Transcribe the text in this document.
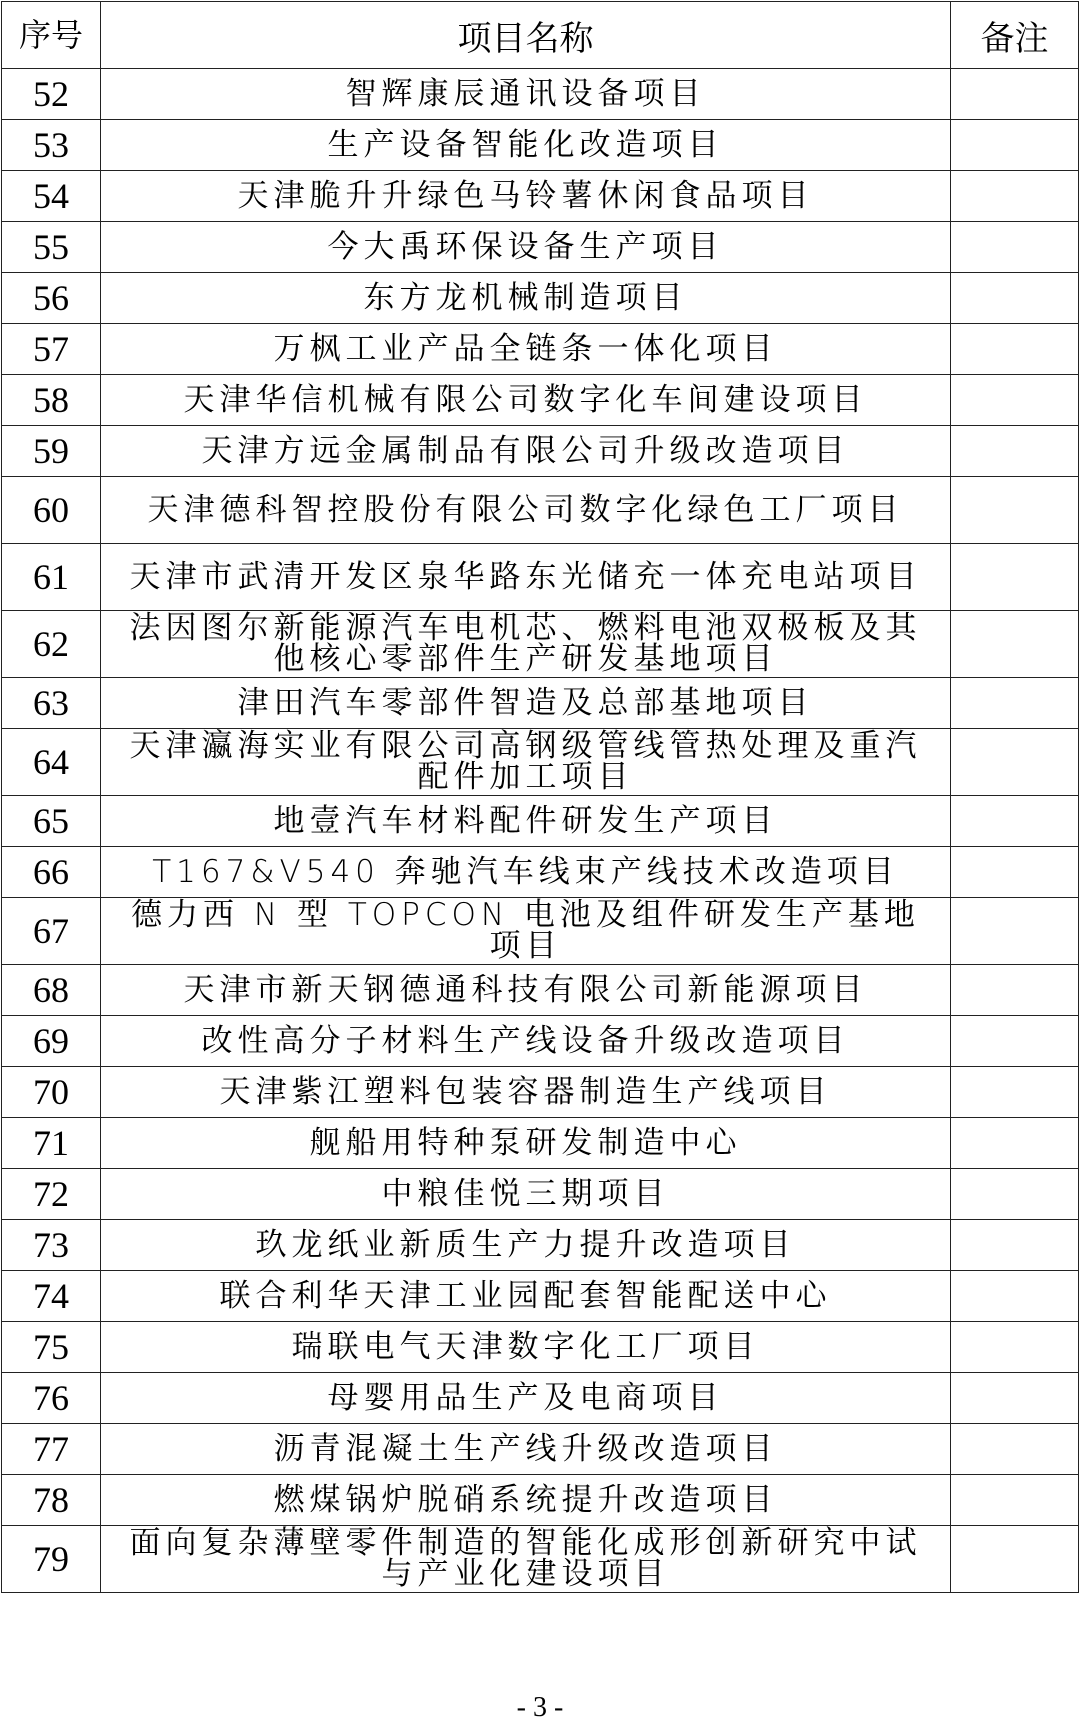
序号	项目名称	备注
52	智辉康辰通讯设备项目	
53	生产设备智能化改造项目	
54	天津脆升升绿色马铃薯休闲食品项目	
55	今大禹环保设备生产项目	
56	东方龙机械制造项目	
57	万枫工业产品全链条一体化项目	
58	天津华信机械有限公司数字化车间建设项目	
59	天津方远金属制品有限公司升级改造项目	
60	天津德科智控股份有限公司数字化绿色工厂项目	
61	天津市武清开发区泉华路东光储充一体充电站项目	
62	法因图尔新能源汽车电机芯、燃料电池双极板及其他核心零部件生产研发基地项目	
63	津田汽车零部件智造及总部基地项目	
64	天津瀛海实业有限公司高钢级管线管热处理及重汽配件加工项目	
65	地壹汽车材料配件研发生产项目	
66	T167&V540 奔驰汽车线束产线技术改造项目	
67	德力西 N 型 TOPCON 电池及组件研发生产基地项目	
68	天津市新天钢德通科技有限公司新能源项目	
69	改性高分子材料生产线设备升级改造项目	
70	天津紫江塑料包装容器制造生产线项目	
71	舰船用特种泵研发制造中心	
72	中粮佳悦三期项目	
73	玖龙纸业新质生产力提升改造项目	
74	联合利华天津工业园配套智能配送中心	
75	瑞联电气天津数字化工厂项目	
76	母婴用品生产及电商项目	
77	沥青混凝土生产线升级改造项目	
78	燃煤锅炉脱硝系统提升改造项目	
79	面向复杂薄壁零件制造的智能化成形创新研究中试与产业化建设项目	
- 3 -
